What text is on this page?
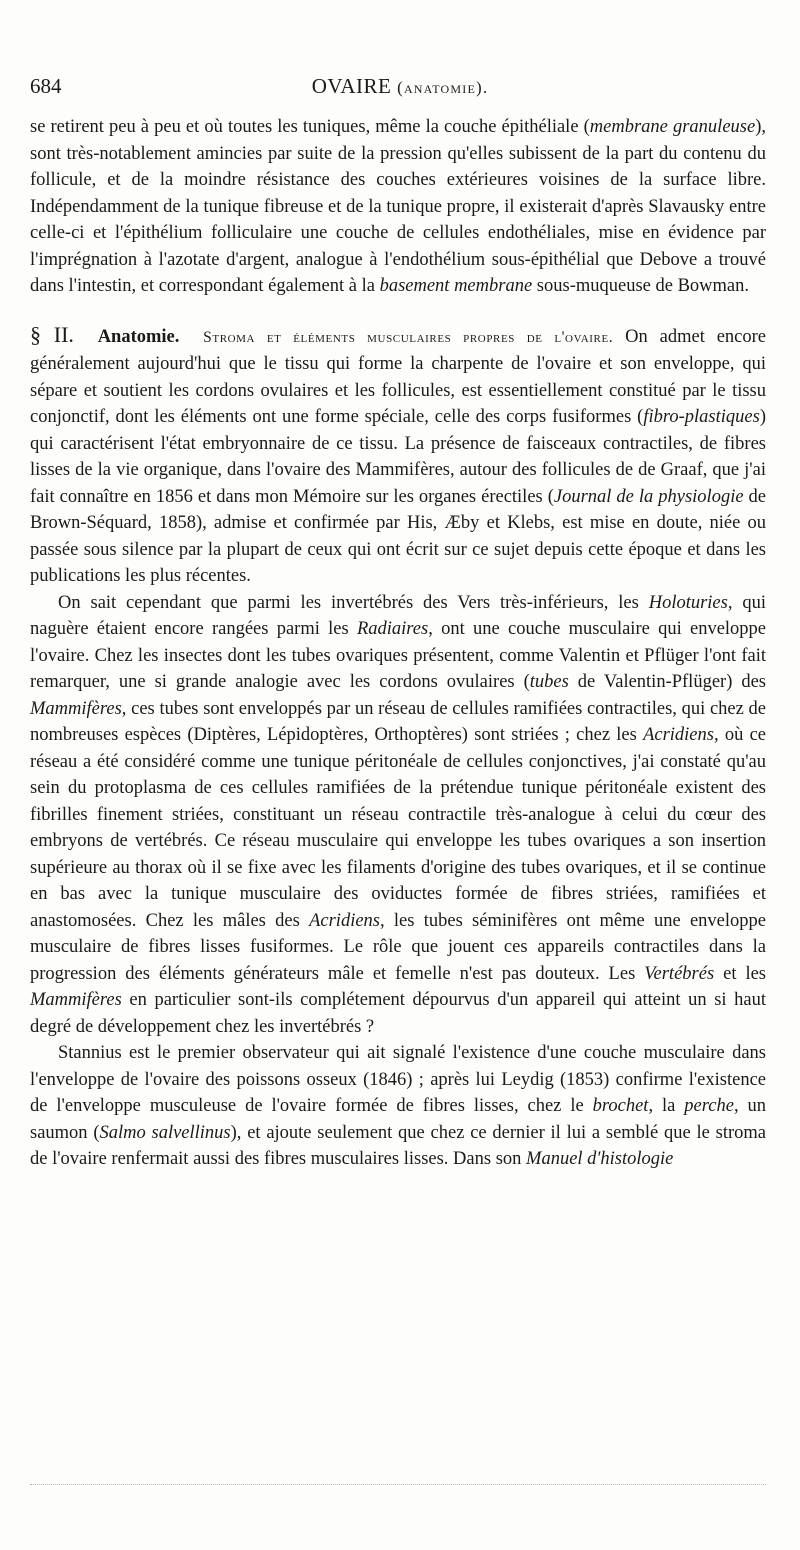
684	OVAIRE (anatomie).

se retirent peu à peu et où toutes les tuniques, même la couche épithéliale (membrane granuleuse), sont très-notablement amincies par suite de la pression qu'elles subissent de la part du contenu du follicule, et de la moindre résistance des couches extérieures voisines de la surface libre. Indépendamment de la tunique fibreuse et de la tunique propre, il existerait d'après Slavausky entre celle-ci et l'épithélium folliculaire une couche de cellules endothéliales, mise en évidence par l'imprégnation à l'azotate d'argent, analogue à l'endothélium sous-épithélial que Debove a trouvé dans l'intestin, et correspondant également à la basement membrane sous-muqueuse de Bowman.

§ II. Anatomie. Stroma et éléments musculaires propres de l'ovaire. On admet encore généralement aujourd'hui que le tissu qui forme la charpente de l'ovaire et son enveloppe, qui sépare et soutient les cordons ovulaires et les follicules, est essentiellement constitué par le tissu conjonctif, dont les éléments ont une forme spéciale, celle des corps fusiformes (fibro-plastiques) qui caractérisent l'état embryonnaire de ce tissu. La présence de faisceaux contractiles, de fibres lisses de la vie organique, dans l'ovaire des Mammifères, autour des follicules de de Graaf, que j'ai fait connaître en 1856 et dans mon Mémoire sur les organes érectiles (Journal de la physiologie de Brown-Séquard, 1858), admise et confirmée par His, Æby et Klebs, est mise en doute, niée ou passée sous silence par la plupart de ceux qui ont écrit sur ce sujet depuis cette époque et dans les publications les plus récentes.

On sait cependant que parmi les invertébrés des Vers très-inférieurs, les Holoturies, qui naguère étaient encore rangées parmi les Radiaires, ont une couche musculaire qui enveloppe l'ovaire. Chez les insectes dont les tubes ovariques présentent, comme Valentin et Pflüger l'ont fait remarquer, une si grande analogie avec les cordons ovulaires (tubes de Valentin-Pflüger) des Mammifères, ces tubes sont enveloppés par un réseau de cellules ramifiées contractiles, qui chez de nombreuses espèces (Diptères, Lépidoptères, Orthoptères) sont striées ; chez les Acridiens, où ce réseau a été considéré comme une tunique péritonéale de cellules conjonctives, j'ai constaté qu'au sein du protoplasma de ces cellules ramifiées de la prétendue tunique péritonéale existent des fibrilles finement striées, constituant un réseau contractile très-analogue à celui du cœur des embryons de vertébrés. Ce réseau musculaire qui enveloppe les tubes ovariques a son insertion supérieure au thorax où il se fixe avec les filaments d'origine des tubes ovariques, et il se continue en bas avec la tunique musculaire des oviductes formée de fibres striées, ramifiées et anastomosées. Chez les mâles des Acridiens, les tubes séminifères ont même une enveloppe musculaire de fibres lisses fusiformes. Le rôle que jouent ces appareils contractiles dans la progression des éléments générateurs mâle et femelle n'est pas douteux. Les Vertébrés et les Mammifères en particulier sont-ils complétement dépourvus d'un appareil qui atteint un si haut degré de développement chez les invertébrés ?

Stannius est le premier observateur qui ait signalé l'existence d'une couche musculaire dans l'enveloppe de l'ovaire des poissons osseux (1846) ; après lui Leydig (1853) confirme l'existence de l'enveloppe musculeuse de l'ovaire formée de fibres lisses, chez le brochet, la perche, un saumon (Salmo salvellinus), et ajoute seulement que chez ce dernier il lui a semblé que le stroma de l'ovaire renfermait aussi des fibres musculaires lisses. Dans son Manuel d'histologie
